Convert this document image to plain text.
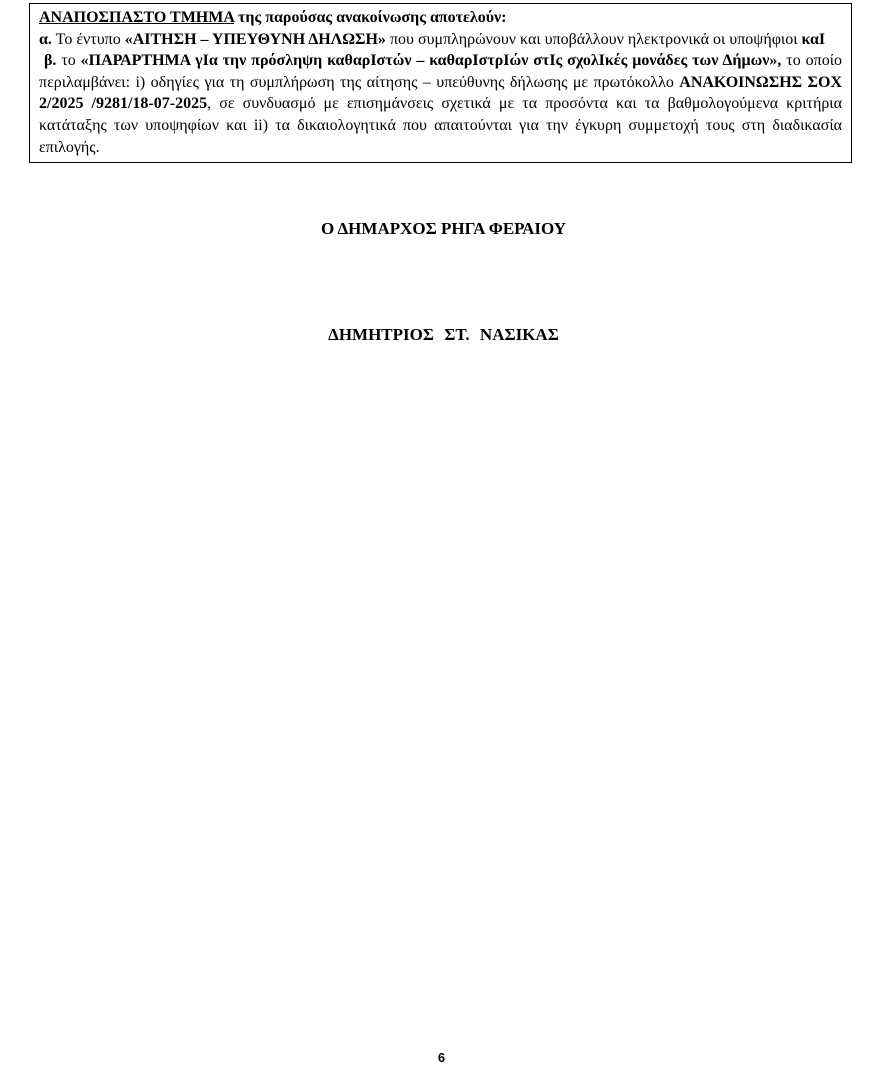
ΑΝΑΠΟΣΠΑΣΤΟ ΤΜΗΜΑ της παρούσας ανακοίνωσης αποτελούν:

α. Το έντυπο «ΑΙΤΗΣΗ – ΥΠΕΥΘΥΝΗ ΔΗΛΩΣΗ» που συμπληρώνουν και υποβάλλουν ηλεκτρονικά οι υποψήφιοι καΙ

β. το «ΠΑΡΑΡΤΗΜΑ γΙα την πρόσληψη καθαρΙστών – καθαρΙστρΙών στΙς σχολΙκές μονάδες των Δήμων», το οποίο περιλαμβάνει: i) οδηγίες για τη συμπλήρωση της αίτησης – υπεύθυνης δήλωσης με πρωτόκολλο ΑΝΑΚΟΙΝΩΣΗΣ ΣΟΧ 2/2025 /9281/18-07-2025, σε συνδυασμό με επισημάνσεις σχετικά με τα προσόντα και τα βαθμολογούμενα κριτήρια κατάταξης των υποψηφίων και ii) τα δικαιολογητικά που απαιτούνται για την έγκυρη συμμετοχή τους στη διαδικασία επιλογής.

Ο ΔΗΜΑΡΧΟΣ ΡΗΓΑ ΦΕΡΑΙΟΥ
ΔΗΜΗΤΡΙΟΣ ΣΤ. ΝΑΣΙΚΑΣ
6
